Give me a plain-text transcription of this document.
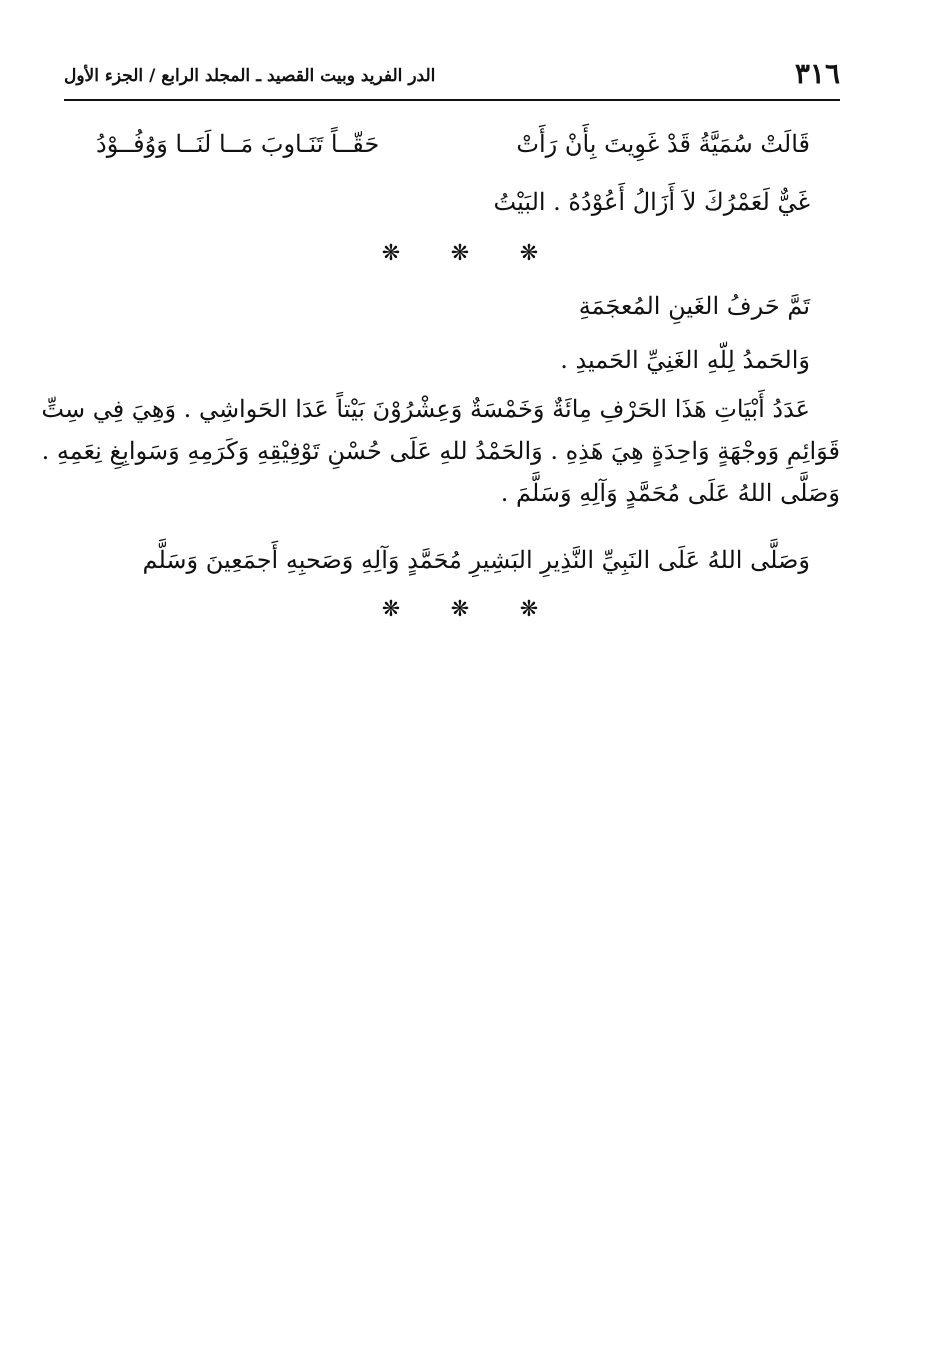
٣١٦
الدر الفريد وبيت القصيد ـ المجلد الرابع / الجزء الأول
قَالَتْ سُمَيَّةُ قَدْ غَوِيتَ بِأَنْ رَأَتْ
حَقّــاً تَنَـاوبَ مَــا لَنَــا وَوُفُــوْدُ
غَيٌّ لَعَمْرُكَ لاَ أَزَالُ أَعُوْدُهُ . البَيْتُ
❋ ❋ ❋
تَمَّ حَرفُ الغَينِ المُعجَمَةِ
وَالحَمدُ لِلّهِ الغَنِيِّ الحَميدِ .
عَدَدُ أَبْيَاتِ هَذَا الحَرْفِ مِائَةٌ وَخَمْسَةٌ وَعِشْرُوْنَ بَيْتاً عَدَا الحَواشِي . وَهِيَ فِي سِتِّ
قَوَائِمِ وَوجْهَةٍ وَاحِدَةٍ هِيَ هَذِهِ . وَالحَمْدُ للهِ عَلَى حُسْنِ تَوْفِيْقِهِ وَكَرَمِهِ وَسَوابِغِ نِعَمِهِ .
وَصَلَّى اللهُ عَلَى مُحَمَّدٍ وَآلِهِ وَسَلَّمَ .
وَصَلَّى اللهُ عَلَى النَبِيِّ النَّذِيرِ البَشِيرِ مُحَمَّدٍ وَآلِهِ وَصَحبِهِ أَجمَعِينَ وَسَلَّم
❋ ❋ ❋
